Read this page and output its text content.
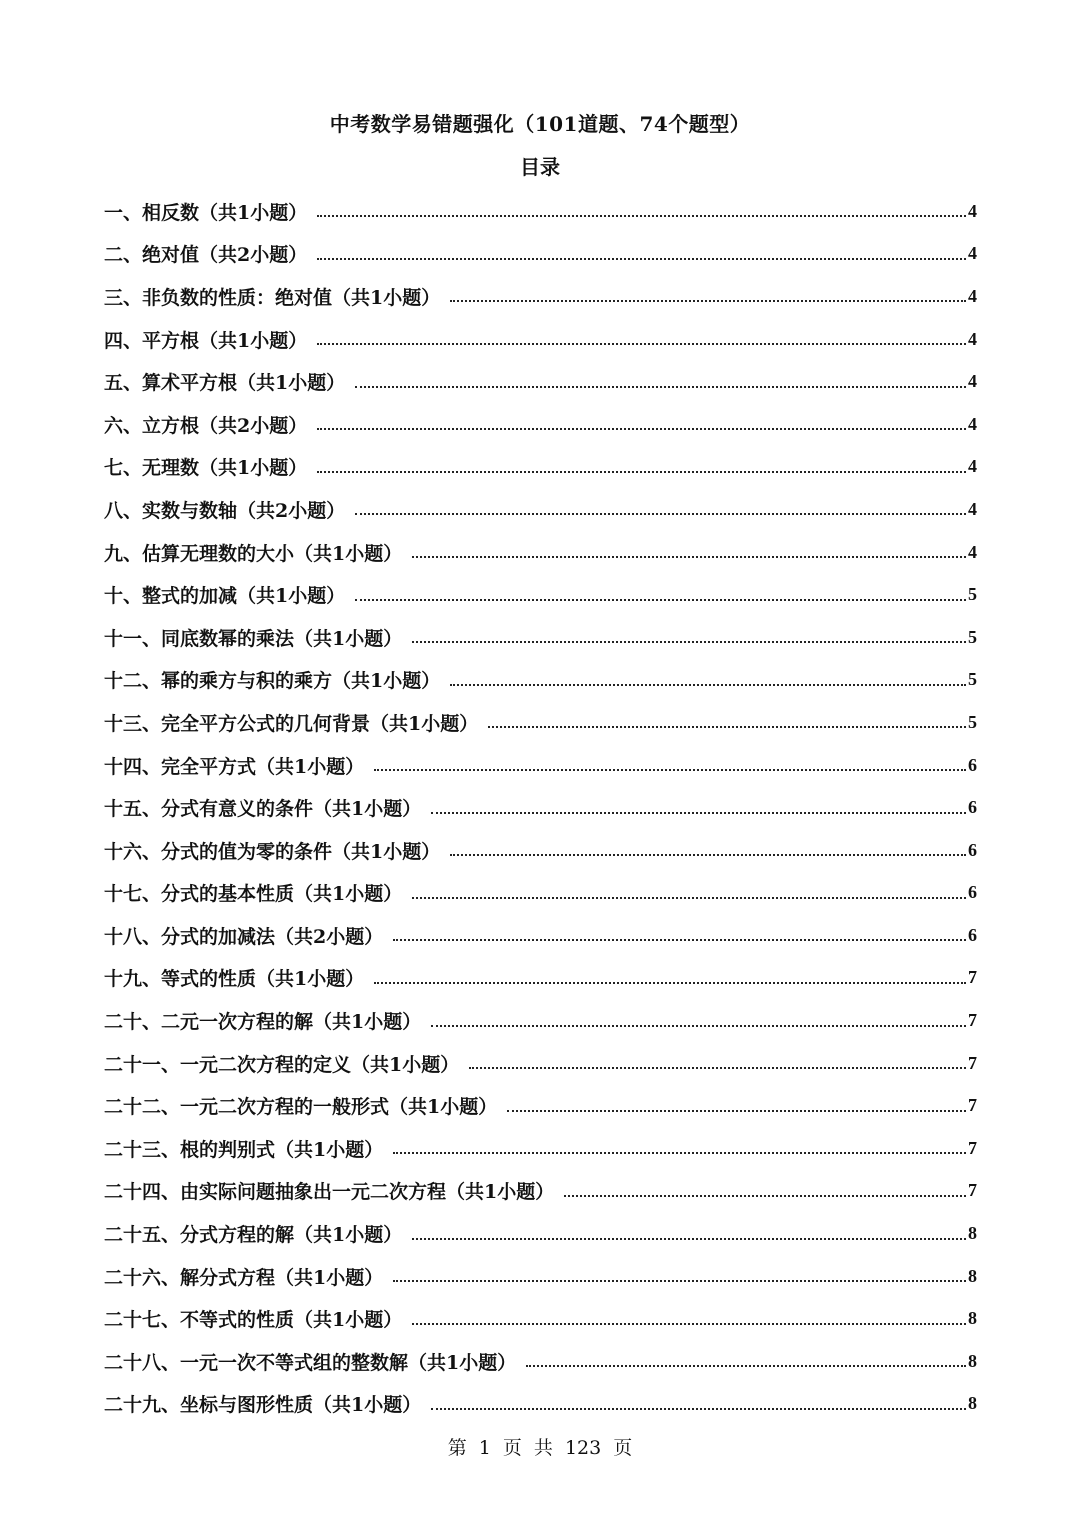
中考数学易错题强化（101道题、74个题型）
目录
一、相反数（共1小题）	4
二、绝对值（共2小题）	4
三、非负数的性质：绝对值（共1小题）	4
四、平方根（共1小题）	4
五、算术平方根（共1小题）	4
六、立方根（共2小题）	4
七、无理数（共1小题）	4
八、实数与数轴（共2小题）	4
九、估算无理数的大小（共1小题）	4
十、整式的加减（共1小题）	5
十一、同底数幂的乘法（共1小题）	5
十二、幂的乘方与积的乘方（共1小题）	5
十三、完全平方公式的几何背景（共1小题）	5
十四、完全平方式（共1小题）	6
十五、分式有意义的条件（共1小题）	6
十六、分式的值为零的条件（共1小题）	6
十七、分式的基本性质（共1小题）	6
十八、分式的加减法（共2小题）	6
十九、等式的性质（共1小题）	7
二十、二元一次方程的解（共1小题）	7
二十一、一元二次方程的定义（共1小题）	7
二十二、一元二次方程的一般形式（共1小题）	7
二十三、根的判别式（共1小题）	7
二十四、由实际问题抽象出一元二次方程（共1小题）	7
二十五、分式方程的解（共1小题）	8
二十六、解分式方程（共1小题）	8
二十七、不等式的性质（共1小题）	8
二十八、一元一次不等式组的整数解（共1小题）	8
二十九、坐标与图形性质（共1小题）	8
第 1 页 共 123 页
